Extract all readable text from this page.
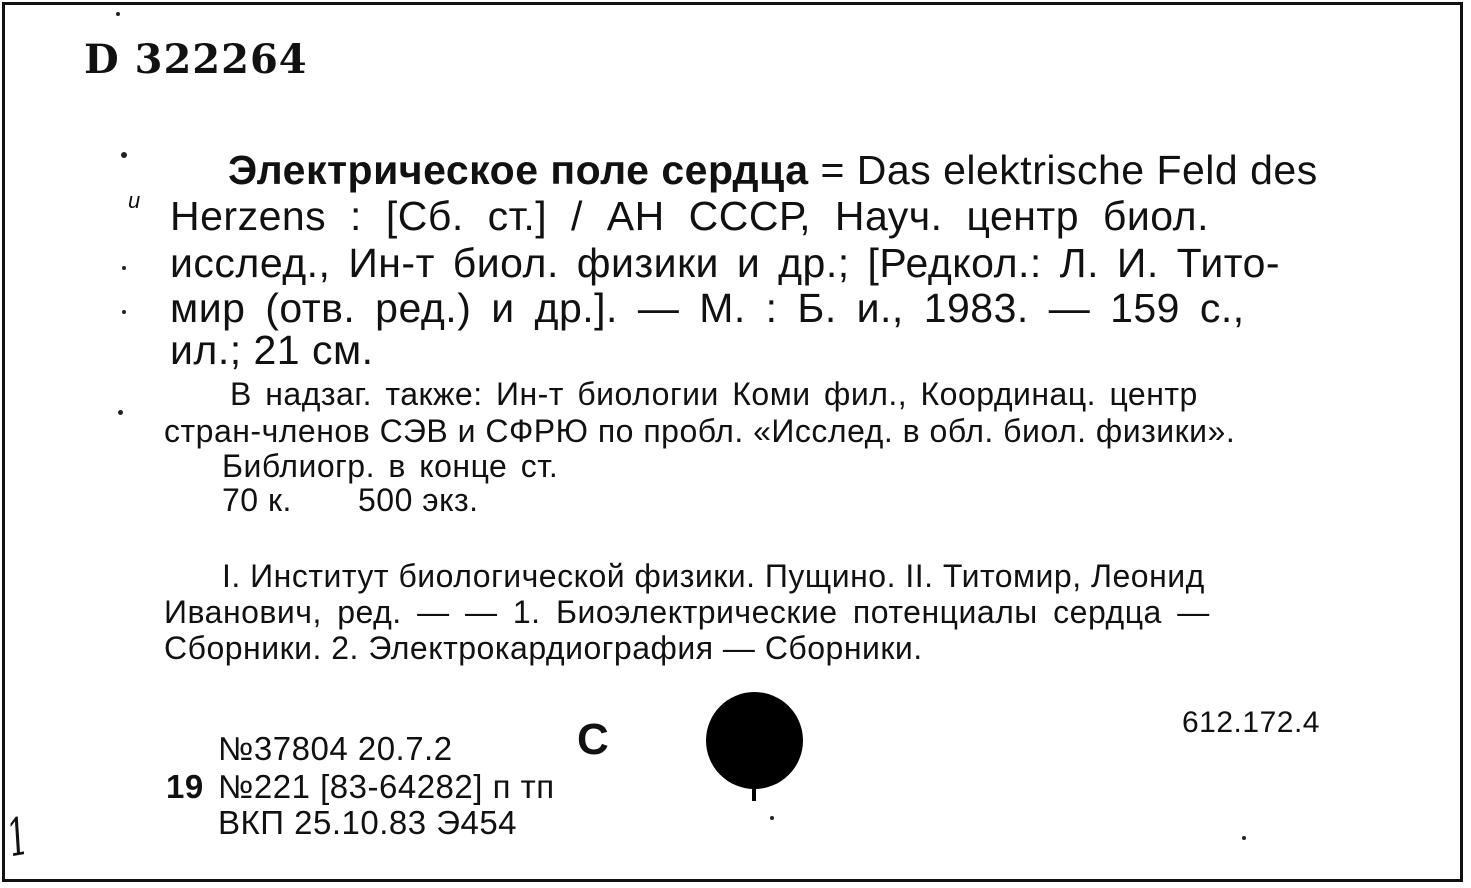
D 322264
Электрическое поле сердца = Das elektrische Feld des
Herzens : [Сб. ст.] / АН СССР, Науч. центр биол.
исслед., Ин-т биол. физики и др.; [Редкол.: Л. И. Тито-
мир (отв. ред.) и др.]. — М. : Б. и., 1983. — 159 с.,
ил.; 21 см.
В надзаг. также: Ин-т биологии Коми фил., Координац. центр
стран-членов СЭВ и СФРЮ по пробл. «Исслед. в обл. биол. физики».
Библиогр. в конце ст.
70 к. 500 экз.
I. Институт биологической физики. Пущино. II. Титомир, Леонид
Иванович, ред. — — 1. Биоэлектрические потенциалы сердца —
Сборники. 2. Электрокардиография — Сборники.
№37804 20.7.2
19 №221 [83-64282] п тп
ВКП 25.10.83 Э454
С	612.172.4
1
и
